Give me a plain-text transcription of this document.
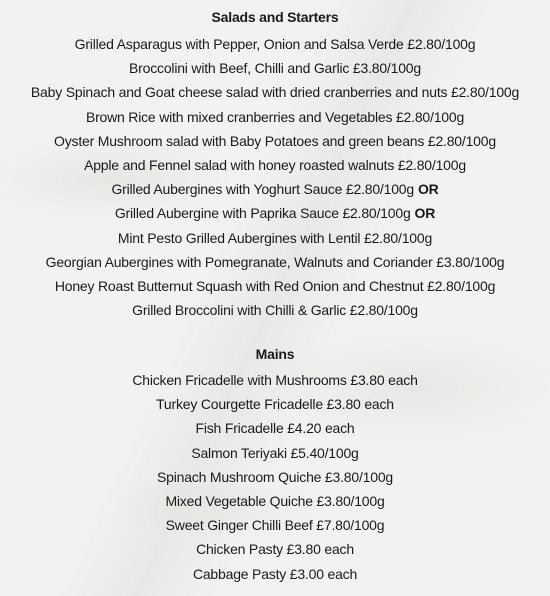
Salads and Starters
Grilled Asparagus with Pepper, Onion and Salsa Verde £2.80/100g
Broccolini with Beef, Chilli and Garlic £3.80/100g
Baby Spinach and Goat cheese salad with dried cranberries and nuts £2.80/100g
Brown Rice with mixed cranberries and Vegetables £2.80/100g
Oyster Mushroom salad with Baby Potatoes and green beans £2.80/100g
Apple and Fennel salad with honey roasted walnuts £2.80/100g
Grilled Aubergines with Yoghurt Sauce £2.80/100g OR
Grilled Aubergine with Paprika Sauce £2.80/100g OR
Mint Pesto Grilled Aubergines with Lentil £2.80/100g
Georgian Aubergines with Pomegranate, Walnuts and Coriander £3.80/100g
Honey Roast Butternut Squash with Red Onion and Chestnut £2.80/100g
Grilled Broccolini with Chilli & Garlic £2.80/100g
Mains
Chicken Fricadelle with Mushrooms £3.80 each
Turkey Courgette Fricadelle £3.80 each
Fish Fricadelle £4.20 each
Salmon Teriyaki £5.40/100g
Spinach Mushroom Quiche £3.80/100g
Mixed Vegetable Quiche £3.80/100g
Sweet Ginger Chilli Beef £7.80/100g
Chicken Pasty £3.80 each
Cabbage Pasty £3.00 each
